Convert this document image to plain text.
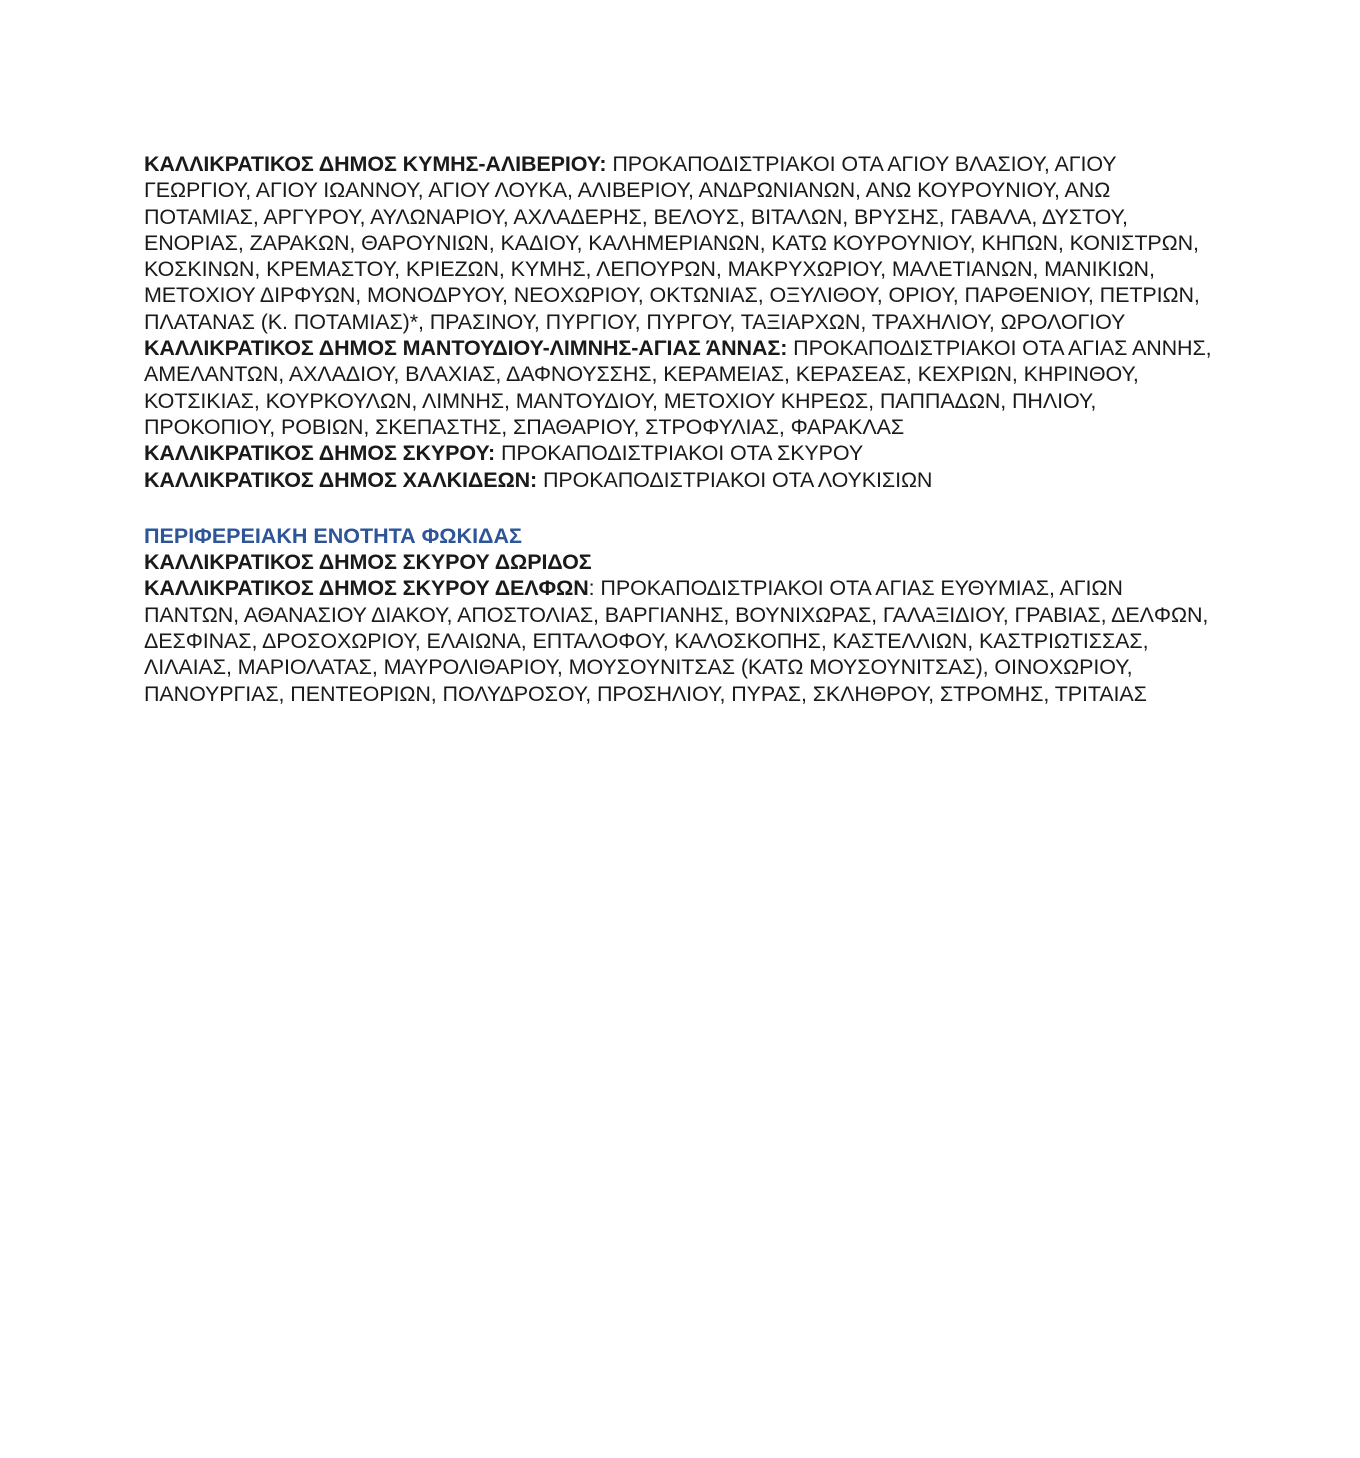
ΚΑΛΛΙΚΡΑΤΙΚΟΣ ΔΗΜΟΣ ΚΥΜΗΣ-ΑΛΙΒΕΡΙΟΥ: ΠΡΟΚΑΠΟΔΙΣΤΡΙΑΚΟΙ ΟΤΑ ΑΓΙΟΥ ΒΛΑΣΙΟΥ, ΑΓΙΟΥ ΓΕΩΡΓΙΟΥ, ΑΓΙΟΥ ΙΩΑΝΝΟΥ, ΑΓΙΟΥ ΛΟΥΚΑ, ΑΛΙΒΕΡΙΟΥ, ΑΝΔΡΩΝΙΑΝΩΝ, ΑΝΩ ΚΟΥΡΟΥΝΙΟΥ, ΑΝΩ ΠΟΤΑΜΙΑΣ, ΑΡΓΥΡΟΥ, ΑΥΛΩΝΑΡΙΟΥ, ΑΧΛΑΔΕΡΗΣ, ΒΕΛΟΥΣ, ΒΙΤΑΛΩΝ, ΒΡΥΣΗΣ, ΓΑΒΑΛΑ, ΔΥΣΤΟΥ, ΕΝΟΡΙΑΣ, ΖΑΡΑΚΩΝ, ΘΑΡΟΥΝΙΩΝ, ΚΑΔΙΟΥ, ΚΑΛΗΜΕΡΙΑΝΩΝ, ΚΑΤΩ ΚΟΥΡΟΥΝΙΟΥ, ΚΗΠΩΝ, ΚΟΝΙΣΤΡΩΝ, ΚΟΣΚΙΝΩΝ, ΚΡΕΜΑΣΤΟΥ, ΚΡΙΕΖΩΝ, ΚΥΜΗΣ, ΛΕΠΟΥΡΩΝ, ΜΑΚΡΥΧΩΡΙΟΥ, ΜΑΛΕΤΙΑΝΩΝ, ΜΑΝΙΚΙΩΝ, ΜΕΤΟΧΙΟΥ ΔΙΡΦΥΩΝ, ΜΟΝΟΔΡΥΟΥ, ΝΕΟΧΩΡΙΟΥ, ΟΚΤΩΝΙΑΣ, ΟΞΥΛΙΘΟΥ, ΟΡΙΟΥ, ΠΑΡΘΕΝΙΟΥ, ΠΕΤΡΙΩΝ, ΠΛΑΤΑΝΑΣ (Κ. ΠΟΤΑΜΙΑΣ)*, ΠΡΑΣΙΝΟΥ, ΠΥΡΓΙΟΥ, ΠΥΡΓΟΥ, ΤΑΞΙΑΡΧΩΝ, ΤΡΑΧΗΛΙΟΥ, ΩΡΟΛΟΓΙΟΥ

ΚΑΛΛΙΚΡΑΤΙΚΟΣ ΔΗΜΟΣ ΜΑΝΤΟΥΔΙΟΥ-ΛΙΜΝΗΣ-ΑΓΙΑΣ ΆΝΝΑΣ: ΠΡΟΚΑΠΟΔΙΣΤΡΙΑΚΟΙ ΟΤΑ ΑΓΙΑΣ ΑΝΝΗΣ, ΑΜΕΛΑΝΤΩΝ, ΑΧΛΑΔΙΟΥ, ΒΛΑΧΙΑΣ, ΔΑΦΝΟΥΣΣΗΣ, ΚΕΡΑΜΕΙΑΣ, ΚΕΡΑΣΕΑΣ, ΚΕΧΡΙΩΝ, ΚΗΡΙΝΘΟΥ, ΚΟΤΣΙΚΙΑΣ, ΚΟΥΡΚΟΥΛΩΝ, ΛΙΜΝΗΣ, ΜΑΝΤΟΥΔΙΟΥ, ΜΕΤΟΧΙΟΥ ΚΗΡΕΩΣ, ΠΑΠΠΑΔΩΝ, ΠΗΛΙΟΥ, ΠΡΟΚΟΠΙΟΥ, ΡΟΒΙΩΝ, ΣΚΕΠΑΣΤΗΣ, ΣΠΑΘΑΡΙΟΥ, ΣΤΡΟΦΥΛΙΑΣ, ΦΑΡΑΚΛΑΣ

ΚΑΛΛΙΚΡΑΤΙΚΟΣ ΔΗΜΟΣ ΣΚΥΡΟΥ: ΠΡΟΚΑΠΟΔΙΣΤΡΙΑΚΟΙ ΟΤΑ ΣΚΥΡΟΥ

ΚΑΛΛΙΚΡΑΤΙΚΟΣ ΔΗΜΟΣ ΧΑΛΚΙΔΕΩΝ: ΠΡΟΚΑΠΟΔΙΣΤΡΙΑΚΟΙ ΟΤΑ ΛΟΥΚΙΣΙΩΝ

ΠΕΡΙΦΕΡΕΙΑΚΗ ΕΝΟΤΗΤΑ ΦΩΚΙΔΑΣ

ΚΑΛΛΙΚΡΑΤΙΚΟΣ ΔΗΜΟΣ ΣΚΥΡΟΥ ΔΩΡΙΔΟΣ

ΚΑΛΛΙΚΡΑΤΙΚΟΣ ΔΗΜΟΣ ΣΚΥΡΟΥ ΔΕΛΦΩΝ: ΠΡΟΚΑΠΟΔΙΣΤΡΙΑΚΟΙ ΟΤΑ ΑΓΙΑΣ ΕΥΘΥΜΙΑΣ, ΑΓΙΩΝ ΠΑΝΤΩΝ, ΑΘΑΝΑΣΙΟΥ ΔΙΑΚΟΥ, ΑΠΟΣΤΟΛΙΑΣ, ΒΑΡΓΙΑΝΗΣ, ΒΟΥΝΙΧΩΡΑΣ, ΓΑΛΑΞΙΔΙΟΥ, ΓΡΑΒΙΑΣ, ΔΕΛΦΩΝ, ΔΕΣΦΙΝΑΣ, ΔΡΟΣΟΧΩΡΙΟΥ, ΕΛΑΙΩΝΑ, ΕΠΤΑΛΟΦΟΥ, ΚΑΛΟΣΚΟΠΗΣ, ΚΑΣΤΕΛΛΙΩΝ, ΚΑΣΤΡΙΩΤΙΣΣΑΣ, ΛΙΛΑΙΑΣ, ΜΑΡΙΟΛΑΤΑΣ, ΜΑΥΡΟΛΙΘΑΡΙΟΥ, ΜΟΥΣΟΥΝΙΤΣΑΣ (ΚΑΤΩ ΜΟΥΣΟΥΝΙΤΣΑΣ), ΟΙΝΟΧΩΡΙΟΥ, ΠΑΝΟΥΡΓΙΑΣ, ΠΕΝΤΕΟΡΙΩΝ, ΠΟΛΥΔΡΟΣΟΥ, ΠΡΟΣΗΛΙΟΥ, ΠΥΡΑΣ, ΣΚΛΗΘΡΟΥ, ΣΤΡΟΜΗΣ, ΤΡΙΤΑΙΑΣ
